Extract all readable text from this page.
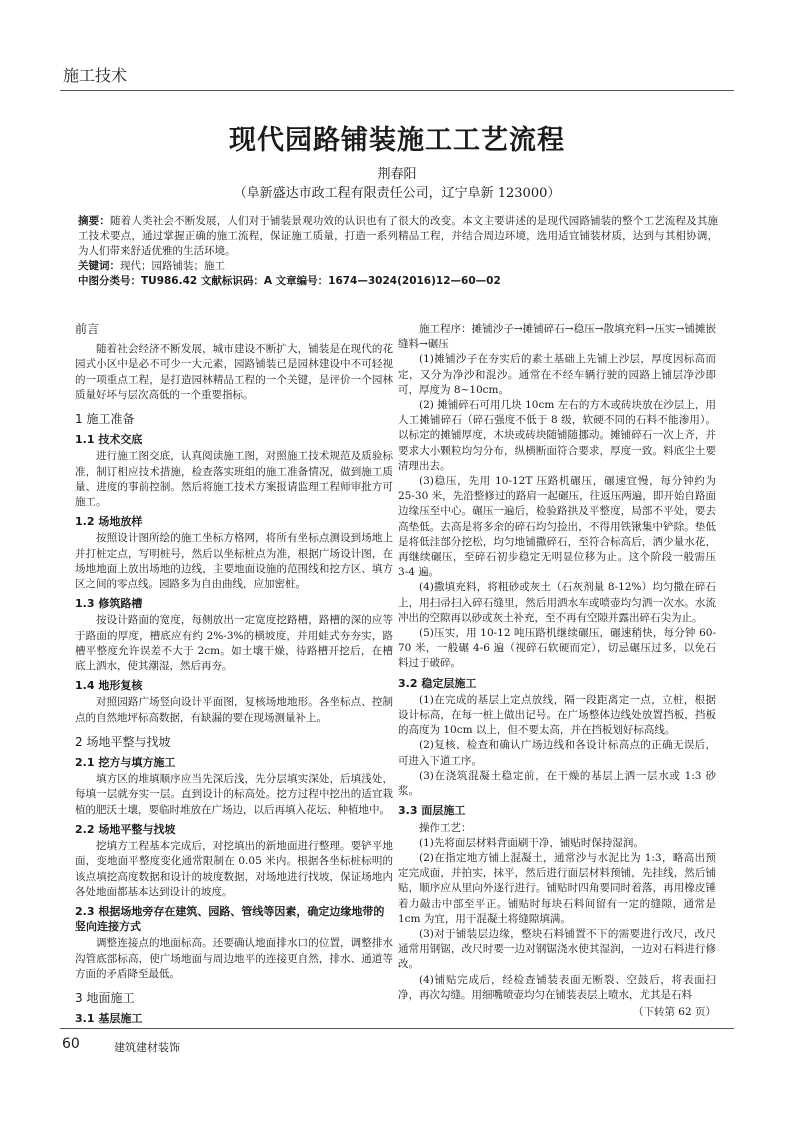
施工技术
现代园路铺装施工工艺流程
荆春阳
（阜新盛达市政工程有限责任公司，辽宁阜新 123000）

摘要：随着人类社会不断发展，人们对于铺装景观功效的认识也有了很大的改变。本文主要讲述的是现代园路铺装的整个工艺流程及其施工技术要点，通过掌握正确的施工流程，保证施工质量，打造一系列精品工程，并结合周边环境，选用适宜铺装材质，达到与其相协调，为人们带来舒适优雅的生活环境。

关键词：现代；园路铺装；施工

中图分类号：TU986.42 文献标识码：A 文章编号：1674—3024(2016)12—60—02

前言

随着社会经济不断发展，城市建设不断扩大，铺装是在现代的花园式小区中是必不可少一大元素，园路铺装已是园林建设中不可轻视的一项重点工程，是打造园林精品工程的一个关键，是评价一个园林质量好坏与层次高低的一个重要指标。

1 施工准备
1.1 技术交底

进行施工图交底，认真阅读施工图，对照施工技术规范及质验标准，制订相应技术措施，检查落实班组的施工准备情况，做到施工质量、进度的事前控制。然后将施工技术方案报请监理工程师审批方可施工。

1.2 场地放样

按照设计图所绘的施工坐标方格网，将所有坐标点测设到场地上并打桩定点，写明桩号，然后以坐标桩点为准，根据广场设计图，在场地地面上放出场地的边线，主要地面设施的范围线和挖方区、填方区之间的零点线。园路多为自由曲线，应加密桩。

1.3 修筑路槽

按设计路面的宽度，每侧放出一定宽度挖路槽，路槽的深的应等于路面的厚度，槽底应有约 2%-3%的横坡度，并用蛙式夯夯实，路槽平整度允许误差不大于 2cm。如土壤干燥，待路槽开挖后，在槽底上洒水，使其潮湿，然后再夯。

1.4 地形复核

对照园路广场竖向设计平面图，复核场地地形。各坐标点、控制点的自然地坪标高数据，有缺漏的要在现场测量补上。

2 场地平整与找坡
2.1 挖方与填方施工

填方区的堆填顺序应当先深后浅，先分层填实深处，后填浅处，每填一层就夯实一层。直到设计的标高处。挖方过程中挖出的适宜栽植的肥沃土壤，要临时堆放在广场边，以后再填入花坛、种植地中。

2.2 场地平整与找坡

挖填方工程基本完成后，对挖填出的新地面进行整理。要铲平地面，变地面平整度变化通常限制在 0.05 米内。根据各坐标桩标明的该点填挖高度数据和设计的坡度数据，对场地进行找坡，保证场地内各处地面都基本达到设计的坡度。

2.3 根据场地旁存在建筑、园路、管线等因素，确定边缘地带的竖向连接方式

调整连接点的地面标高。还要确认地面排水口的位置，调整排水沟管底部标高，使广场地面与周边地平的连接更自然，排水、通道等方面的矛盾降至最低。

3 地面施工
3.1 基层施工

施工程序：摊铺沙子→摊铺碎石→稳压→散填充料→压实→铺摊嵌缝料→碾压

(1)摊铺沙子在夯实后的素土基础上先铺上沙层，厚度因标高而定，又分为净沙和混沙。通常在不经车辆行驶的园路上铺层净沙即可，厚度为 8~10cm。

(2) 摊铺碎石可用几块 10cm 左右的方木或砖块放在沙层上，用人工摊铺碎石（碎石强度不低于 8 级，软硬不同的石料不能渗用）。以标定的摊铺厚度，木块或砖块随铺随挪动。摊铺碎石一次上齐，并要求大小颗粒均匀分布，纵横断面符合要求，厚度一致。料底尘土要清理出去。

(3)稳压，先用 10-12T 压路机碾压，碾速宜慢，每分钟约为 25-30 米，先沿整修过的路肩一起碾压，往返压两遍，即开始自路面边缘压至中心。碾压一遍后，检验路拱及平整度，局部不平处，要去高垫低。去高是将多余的碎石均匀捡出，不得用铁锹集中铲除。垫低是将低洼部分挖松，均匀地铺撒碎石，至符合标高后，洒少量水花，再继续碾压，至碎石初步稳定无明显位移为止。这个阶段一般需压 3-4 遍。

(4)撒填充料，将粗砂或灰土（石灰剂量 8-12%）均匀撒在碎石上，用扫帚扫入碎石缝里，然后用洒水车或喷壶均匀洒一次水。水流冲出的空隙再以砂或灰土补充，至不再有空隙并露出碎石尖为止。

(5)压实，用 10-12 吨压路机继续碾压，碾速稍快，每分钟 60-70 米，一般碾 4-6 遍（视碎石软硬而定），切忌碾压过多，以免石料过于破碎。

3.2 稳定层施工

(1)在完成的基层上定点放线，隔一段距离定一点，立桩，根据设计标高，在每一桩上做出记号。在广场整体边线处放置挡板，挡板的高度为 10cm 以上，但不要太高，并在挡板划好标高线。

(2)复核、检查和确认广场边线和各设计标高点的正确无误后，可进入下道工序。

(3)在浇筑混凝土稳定前，在干燥的基层上洒一层水或 1:3 砂浆。

3.3 面层施工

操作工艺：

(1)先将面层材料背面刷干净，铺贴时保持湿润。

(2)在指定地方铺上混凝土，通常沙与水泥比为 1:3，略高出预定完成面，并拍实，抹平，然后进行面层材料预铺，先挂线，然后铺贴，顺序应从里向外逐行进行。铺贴时四角要同时着落，再用橡皮锤着力敲击中部至平正。铺贴时每块石料间留有一定的缝隙，通常是 1cm 为宜，用干混凝土将缝隙填满。

(3)对于铺装层边缘，整块石料铺置不下的需要进行改尺，改尺通常用钢锯，改尺时要一边对钢锯浇水使其湿润，一边对石料进行修改。

(4)铺贴完成后，经检查铺装表面无断裂、空鼓后，将表面扫净，再次勾缝。用细嘴喷壶均匀在铺装表层上喷水，尤其是石料

（下转第 62 页）
60	建筑建材装饰
